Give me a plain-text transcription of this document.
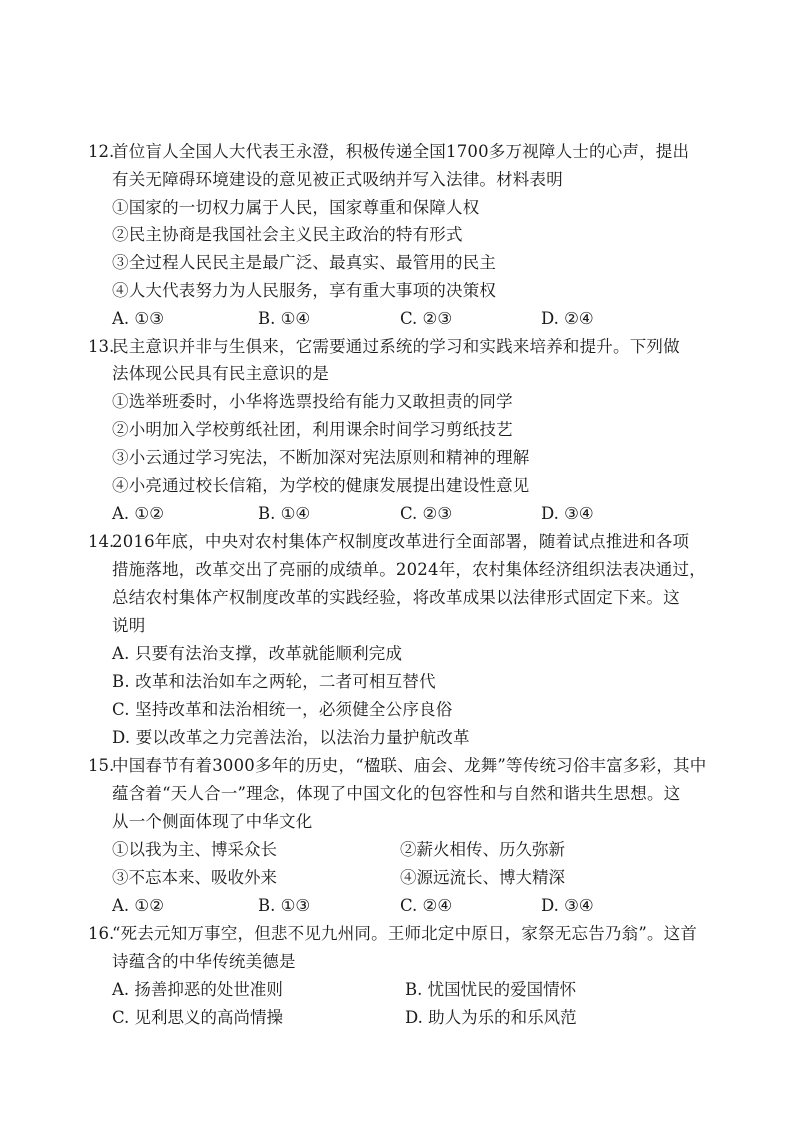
12.
首位盲人全国人大代表王永澄，积极传递全国1700多万视障人士的心声，提出
有关无障碍环境建设的意见被正式吸纳并写入法律。材料表明
①国家的一切权力属于人民，国家尊重和保障人权
②民主协商是我国社会主义民主政治的特有形式
③全过程人民民主是最广泛、最真实、最管用的民主
④人大代表努力为人民服务，享有重大事项的决策权
A. ①③	B. ①④	C. ②③	D. ②④
13.
民主意识并非与生俱来，它需要通过系统的学习和实践来培养和提升。下列做
法体现公民具有民主意识的是
①选举班委时，小华将选票投给有能力又敢担责的同学
②小明加入学校剪纸社团，利用课余时间学习剪纸技艺
③小云通过学习宪法，不断加深对宪法原则和精神的理解
④小亮通过校长信箱，为学校的健康发展提出建设性意见
A. ①②	B. ①④	C. ②③	D. ③④
14.
2016年底，中央对农村集体产权制度改革进行全面部署，随着试点推进和各项
措施落地，改革交出了亮丽的成绩单。2024年，农村集体经济组织法表决通过，
总结农村集体产权制度改革的实践经验，将改革成果以法律形式固定下来。这
说明
A. 只要有法治支撑，改革就能顺利完成
B. 改革和法治如车之两轮，二者可相互替代
C. 坚持改革和法治相统一，必须健全公序良俗
D. 要以改革之力完善法治，以法治力量护航改革
15.
中国春节有着3000多年的历史，“楹联、庙会、龙舞”等传统习俗丰富多彩，其中
蕴含着“天人合一”理念，体现了中国文化的包容性和与自然和谐共生思想。这
从一个侧面体现了中华文化
①以我为主、博采众长	②薪火相传、历久弥新
③不忘本来、吸收外来	④源远流长、博大精深
A. ①②	B. ①③	C. ②④	D. ③④
16.
“死去元知万事空，但悲不见九州同。王师北定中原日，家祭无忘告乃翁”。这首
诗蕴含的中华传统美德是
A. 扬善抑恶的处世准则	B. 忧国忧民的爱国情怀
C. 见利思义的高尚情操	D. 助人为乐的和乐风范
